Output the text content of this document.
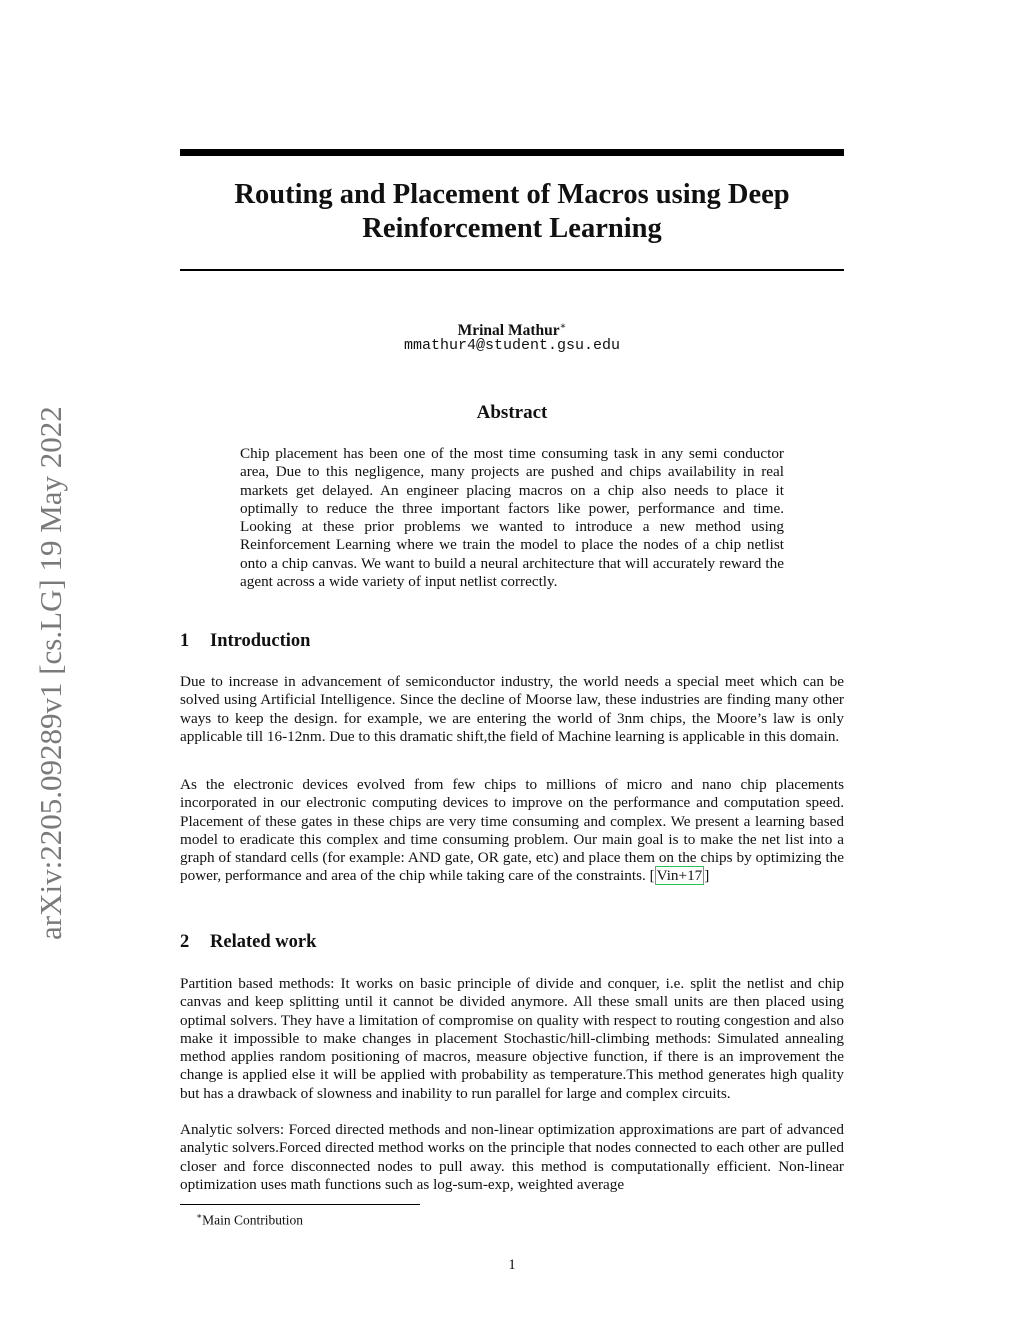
arXiv:2205.09289v1 [cs.LG] 19 May 2022
Routing and Placement of Macros using Deep Reinforcement Learning
Mrinal Mathur∗
mmathur4@student.gsu.edu
Abstract

Chip placement has been one of the most time consuming task in any semi conductor area, Due to this negligence, many projects are pushed and chips availability in real markets get delayed. An engineer placing macros on a chip also needs to place it optimally to reduce the three important factors like power, performance and time. Looking at these prior problems we wanted to introduce a new method using Reinforcement Learning where we train the model to place the nodes of a chip netlist onto a chip canvas. We want to build a neural architecture that will accurately reward the agent across a wide variety of input netlist correctly.

1 Introduction

Due to increase in advancement of semiconductor industry, the world needs a special meet which can be solved using Artificial Intelligence. Since the decline of Moorse law, these industries are finding many other ways to keep the design. for example, we are entering the world of 3nm chips, the Moore’s law is only applicable till 16-12nm. Due to this dramatic shift,the field of Machine learning is applicable in this domain.

As the electronic devices evolved from few chips to millions of micro and nano chip placements incorporated in our electronic computing devices to improve on the performance and computation speed. Placement of these gates in these chips are very time consuming and complex. We present a learning based model to eradicate this complex and time consuming problem. Our main goal is to make the net list into a graph of standard cells (for example: AND gate, OR gate, etc) and place them on the chips by optimizing the power, performance and area of the chip while taking care of the constraints. [ Vin+17 ]

2 Related work

Partition based methods: It works on basic principle of divide and conquer, i.e. split the netlist and chip canvas and keep splitting until it cannot be divided anymore. All these small units are then placed using optimal solvers. They have a limitation of compromise on quality with respect to routing congestion and also make it impossible to make changes in placement Stochastic/hill-climbing methods: Simulated annealing method applies random positioning of macros, measure objective function, if there is an improvement the change is applied else it will be applied with probability as temperature.This method generates high quality but has a drawback of slowness and inability to run parallel for large and complex circuits.

Analytic solvers: Forced directed methods and non-linear optimization approximations are part of advanced analytic solvers.Forced directed method works on the principle that nodes connected to each other are pulled closer and force disconnected nodes to pull away. this method is computationally efficient. Non-linear optimization uses math functions such as log-sum-exp, weighted average

∗Main Contribution
1
